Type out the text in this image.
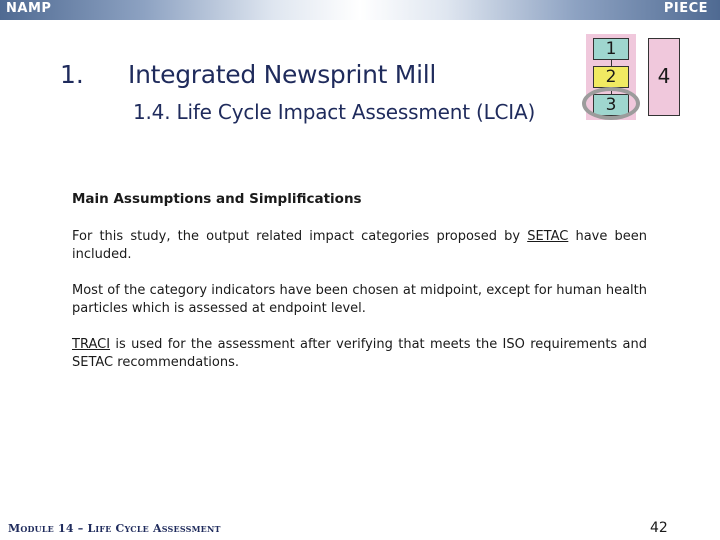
NAMP	PIECE
1. Integrated Newsprint Mill
1.4. Life Cycle Impact Assessment (LCIA)
1
2
3
4
Main Assumptions and Simplifications

For this study, the output related impact categories proposed by SETAC have been included.

Most of the category indicators have been chosen at midpoint, except for human health particles which is assessed at endpoint level.

TRACI is used for the assessment after verifying that meets the ISO requirements and SETAC recommendations.

Module 14 – Life Cycle Assessment	42
